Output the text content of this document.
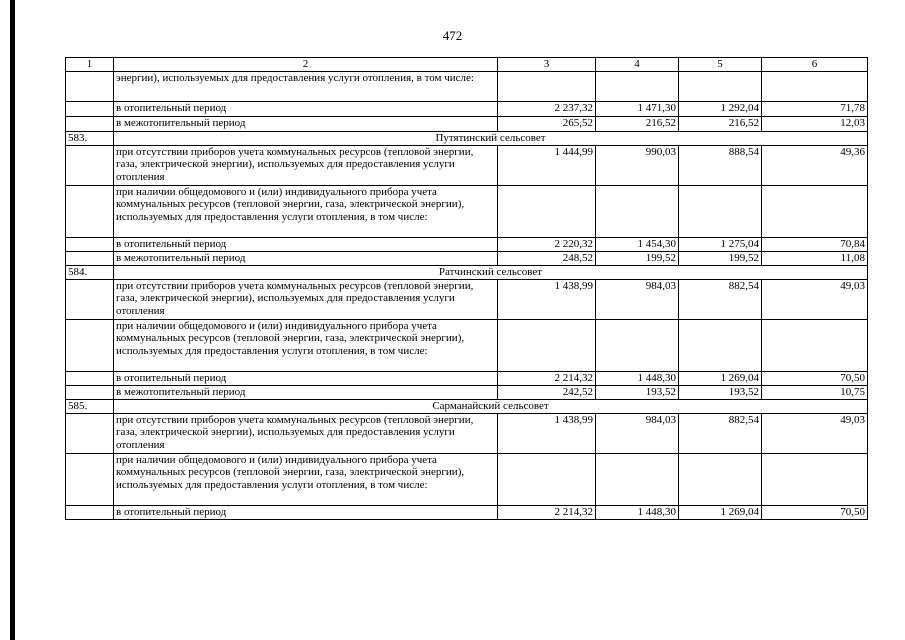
472
1	2	3	4	5	6
	энергии), используемых для предоставления услуги отопления, в том числе:				
	в отопительный период	2 237,32	1 471,30	1 292,04	71,78
	в межотопительный период	265,52	216,52	216,52	12,03
583.	Путятинский сельсовет				
	при отсутствии приборов учета коммунальных ресурсов (тепловой энергии, газа, электрической энергии), используемых для предоставления услуги отопления	1 444,99	990,03	888,54	49,36
	при наличии общедомового и (или) индивидуального прибора учета коммунальных ресурсов (тепловой энергии, газа, электрической энергии), используемых для предоставления услуги отопления, в том числе:				
	в отопительный период	2 220,32	1 454,30	1 275,04	70,84
	в межотопительный период	248,52	199,52	199,52	11,08
584.	Ратчинский сельсовет				
	при отсутствии приборов учета коммунальных ресурсов (тепловой энергии, газа, электрической энергии), используемых для предоставления услуги отопления	1 438,99	984,03	882,54	49,03
	при наличии общедомового и (или) индивидуального прибора учета коммунальных ресурсов (тепловой энергии, газа, электрической энергии), используемых для предоставления услуги отопления, в том числе:				
	в отопительный период	2 214,32	1 448,30	1 269,04	70,50
	в межотопительный период	242,52	193,52	193,52	10,75
585.	Сарманайский сельсовет				
	при отсутствии приборов учета коммунальных ресурсов (тепловой энергии, газа, электрической энергии), используемых для предоставления услуги отопления	1 438,99	984,03	882,54	49,03
	при наличии общедомового и (или) индивидуального прибора учета коммунальных ресурсов (тепловой энергии, газа, электрической энергии), используемых для предоставления услуги отопления, в том числе:				
	в отопительный период	2 214,32	1 448,30	1 269,04	70,50
